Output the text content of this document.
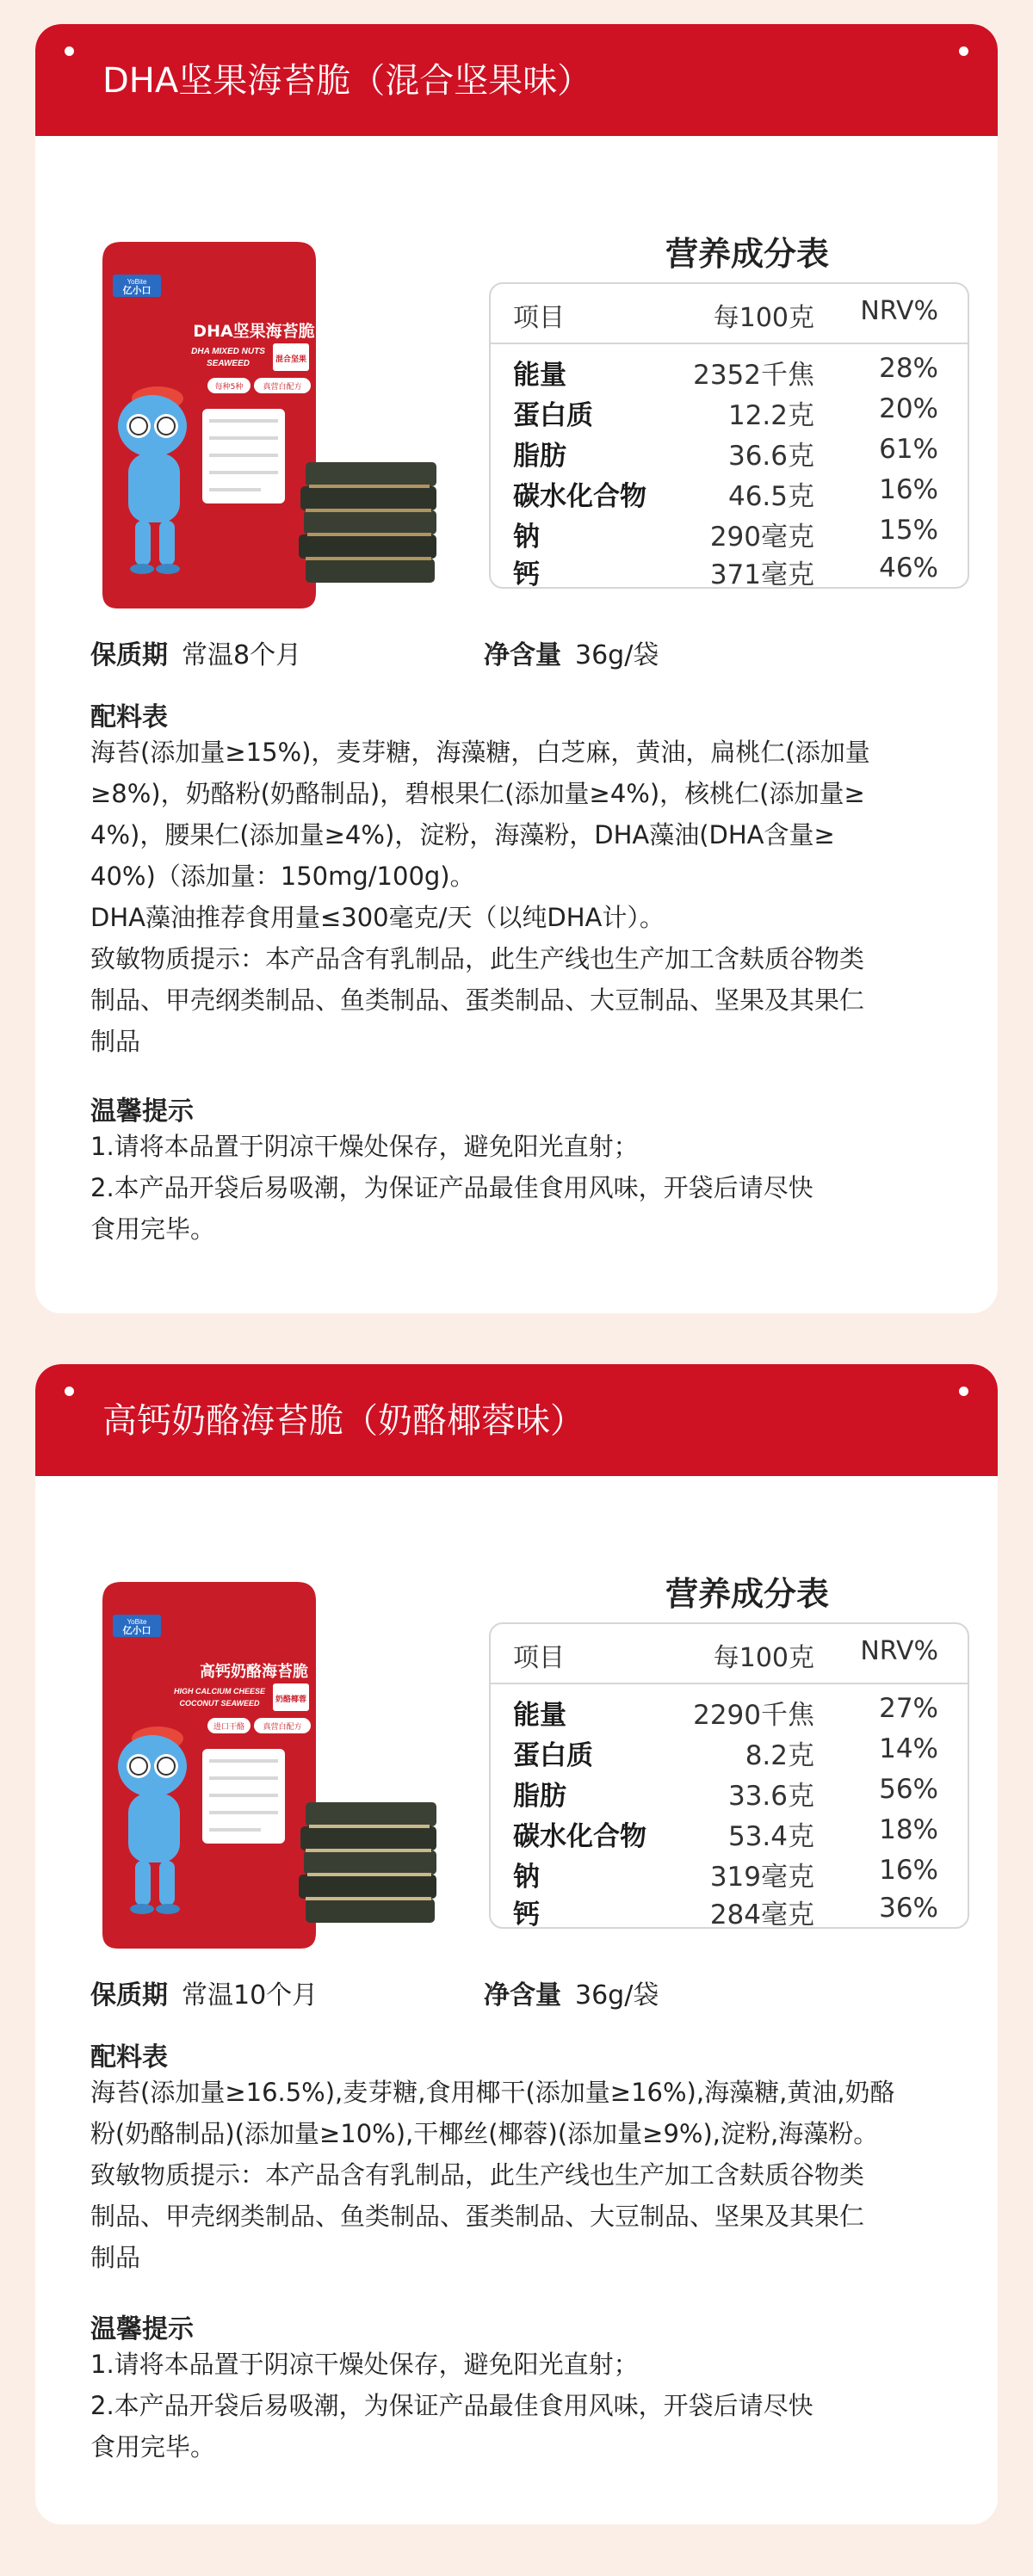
DHA坚果海苔脆（混合坚果味）
YoBite
亿小口
DHA坚果海苔脆
DHA MIXED NUTS
SEAWEED	混合坚果
每种5种	真营白配方
营养成分表
项目	每100克 NRV%
能量	2352千焦 28%
蛋白质	12.2克 20%
脂肪	36.6克 61%
碳水化合物	46.5克 16%
钠	290毫克 15%
钙	371毫克 46%
保质期 常温8个月	净含量 36g/袋
配料表

海苔(添加量≥15%)，麦芽糖，海藻糖，白芝麻，黄油，扁桃仁(添加量

≥8%)，奶酪粉(奶酪制品)，碧根果仁(添加量≥4%)，核桃仁(添加量≥

4%)，腰果仁(添加量≥4%)，淀粉，海藻粉，DHA藻油(DHA含量≥

40%)（添加量：150mg/100g)。

DHA藻油推荐食用量≤300毫克/天（以纯DHA计）。

致敏物质提示：本产品含有乳制品，此生产线也生产加工含麸质谷物类

制品、甲壳纲类制品、鱼类制品、蛋类制品、大豆制品、坚果及其果仁

制品

温馨提示

1.请将本品置于阴凉干燥处保存，避免阳光直射；

2.本产品开袋后易吸潮，为保证产品最佳食用风味，开袋后请尽快

食用完毕。

高钙奶酪海苔脆（奶酪椰蓉味）
YoBite
亿小口
高钙奶酪海苔脆
HIGH CALCIUM CHEESE
COCONUT SEAWEED 奶酪椰蓉
进口干酪 真营白配方
营养成分表
项目	每100克 NRV%
能量	2290千焦 27%
蛋白质	8.2克 14%
脂肪	33.6克 56%
碳水化合物	53.4克 18%
钠	319毫克 16%
钙	284毫克 36%
保质期 常温10个月	净含量 36g/袋
配料表

海苔(添加量≥16.5%),麦芽糖,食用椰干(添加量≥16%),海藻糖,黄油,奶酪

粉(奶酪制品)(添加量≥10%),干椰丝(椰蓉)(添加量≥9%),淀粉,海藻粉。

致敏物质提示：本产品含有乳制品，此生产线也生产加工含麸质谷物类

制品、甲壳纲类制品、鱼类制品、蛋类制品、大豆制品、坚果及其果仁

制品

温馨提示

1.请将本品置于阴凉干燥处保存，避免阳光直射；

2.本产品开袋后易吸潮，为保证产品最佳食用风味，开袋后请尽快

食用完毕。
